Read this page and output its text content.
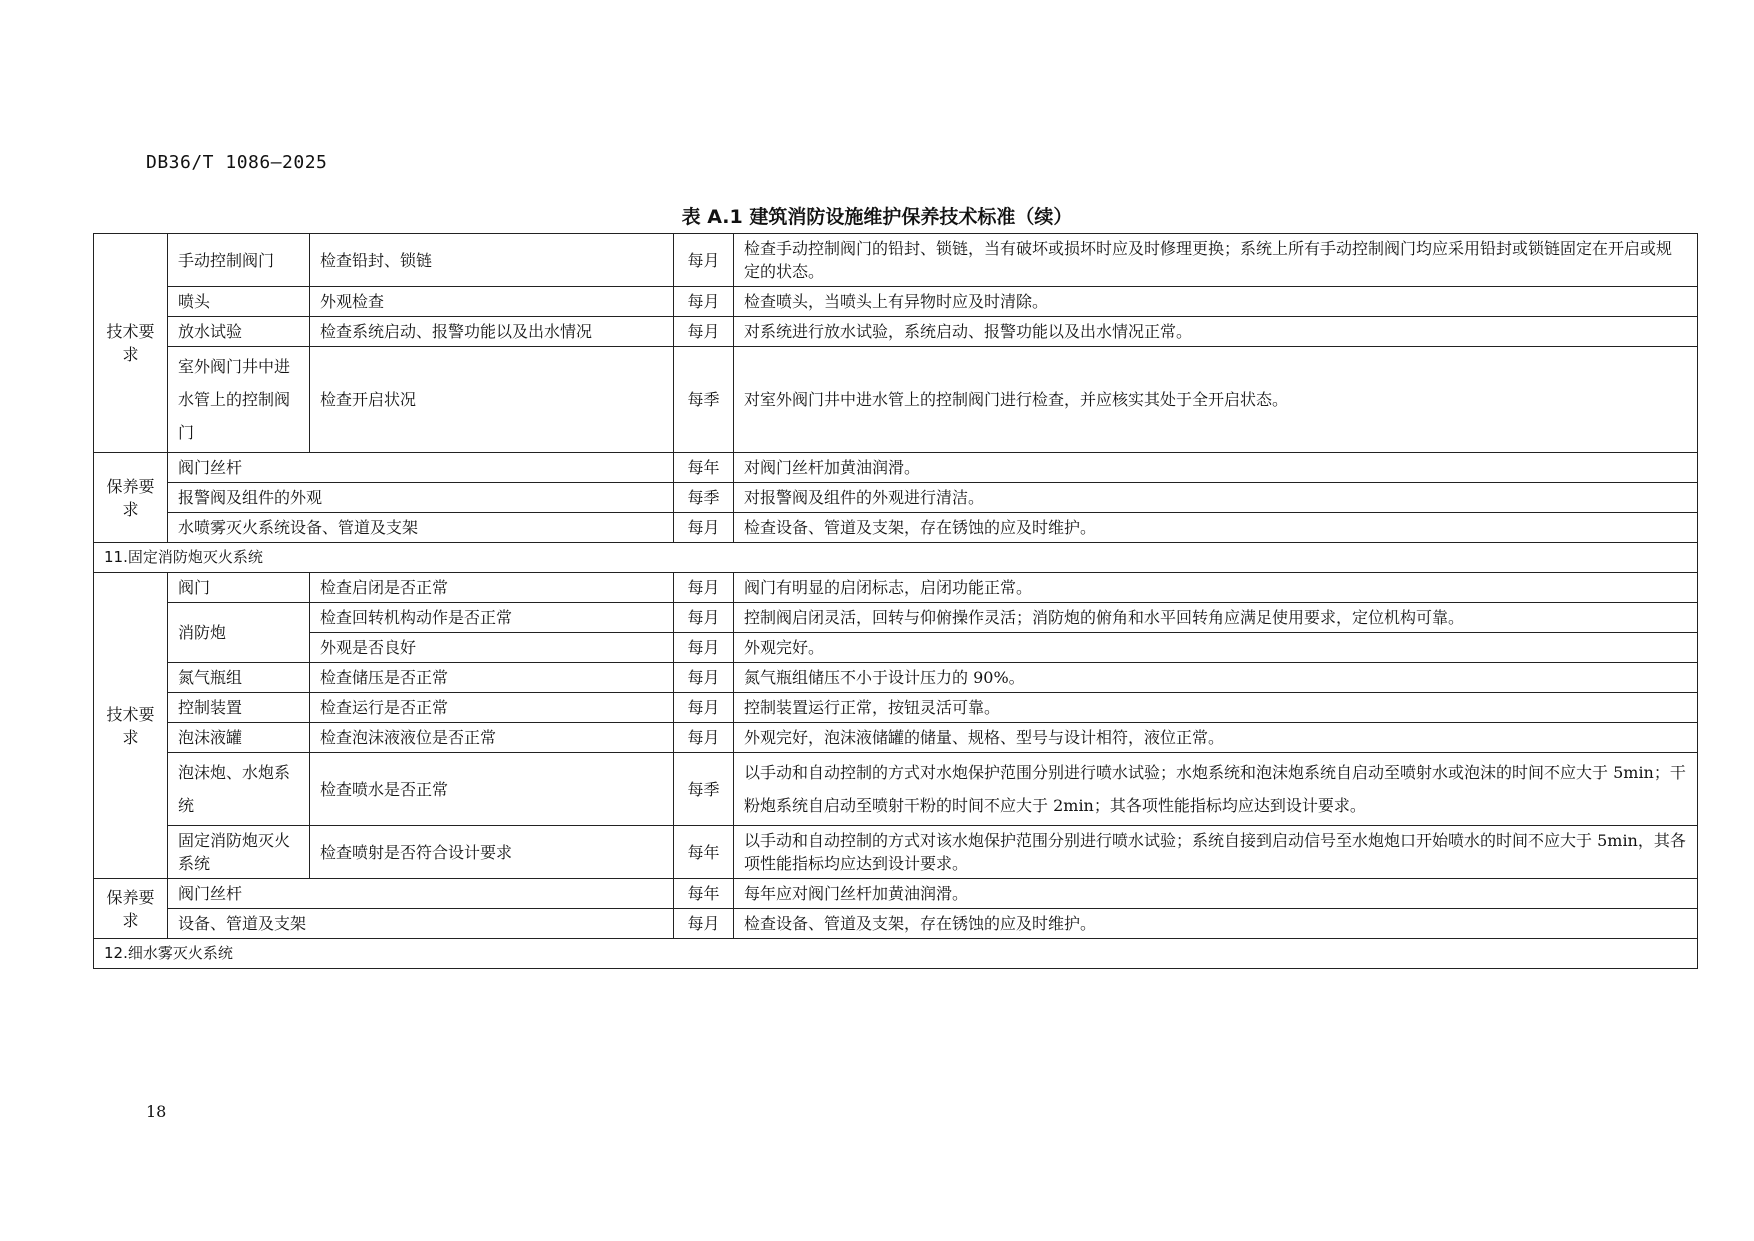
DB36/T 1086—2025
表 A.1 建筑消防设施维护保养技术标准（续）
技术要求	手动控制阀门	检查铅封、锁链	每月	检查手动控制阀门的铅封、锁链，当有破坏或损坏时应及时修理更换；系统上所有手动控制阀门均应采用铅封或锁链固定在开启或规定的状态。
	喷头	外观检查	每月	检查喷头，当喷头上有异物时应及时清除。
	放水试验	检查系统启动、报警功能以及出水情况	每月	对系统进行放水试验，系统启动、报警功能以及出水情况正常。
	室外阀门井中进水管上的控制阀门	检查开启状况	每季	对室外阀门井中进水管上的控制阀门进行检查，并应核实其处于全开启状态。
保养要求	阀门丝杆		每年	对阀门丝杆加黄油润滑。
	报警阀及组件的外观		每季	对报警阀及组件的外观进行清洁。
	水喷雾灭火系统设备、管道及支架		每月	检查设备、管道及支架，存在锈蚀的应及时维护。
11.固定消防炮灭火系统				
技术要求	阀门	检查启闭是否正常	每月	阀门有明显的启闭标志，启闭功能正常。
	消防炮	检查回转机构动作是否正常	每月	控制阀启闭灵活，回转与仰俯操作灵活；消防炮的俯角和水平回转角应满足使用要求，定位机构可靠。
		外观是否良好	每月	外观完好。
	氮气瓶组	检查储压是否正常	每月	氮气瓶组储压不小于设计压力的 90%。
	控制装置	检查运行是否正常	每月	控制装置运行正常，按钮灵活可靠。
	泡沫液罐	检查泡沫液液位是否正常	每月	外观完好，泡沫液储罐的储量、规格、型号与设计相符，液位正常。
	泡沫炮、水炮系统	检查喷水是否正常	每季	以手动和自动控制的方式对水炮保护范围分别进行喷水试验；水炮系统和泡沫炮系统自启动至喷射水或泡沫的时间不应大于 5min；干粉炮系统自启动至喷射干粉的时间不应大于 2min；其各项性能指标均应达到设计要求。
	固定消防炮灭火系统	检查喷射是否符合设计要求	每年	以手动和自动控制的方式对该水炮保护范围分别进行喷水试验；系统自接到启动信号至水炮炮口开始喷水的时间不应大于 5min，其各项性能指标均应达到设计要求。
保养要求	阀门丝杆		每年	每年应对阀门丝杆加黄油润滑。
	设备、管道及支架		每月	检查设备、管道及支架，存在锈蚀的应及时维护。
12.细水雾灭火系统				
18
